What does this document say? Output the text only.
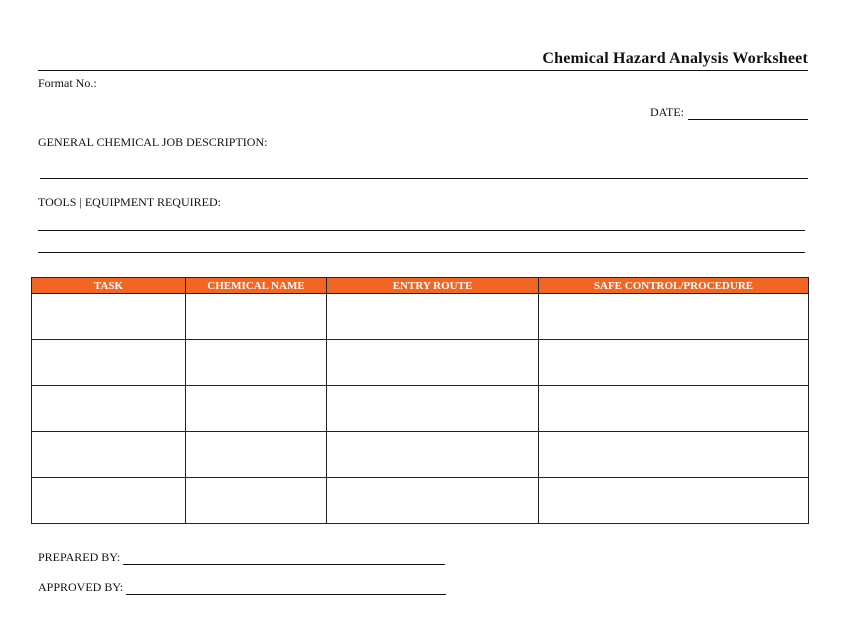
Chemical Hazard Analysis Worksheet
Format No.:
DATE:
GENERAL CHEMICAL JOB DESCRIPTION:
TOOLS | EQUIPMENT REQUIRED:
TASK	CHEMICAL NAME	ENTRY ROUTE	SAFE CONTROL/PROCEDURE

PREPARED BY:
APPROVED BY:
